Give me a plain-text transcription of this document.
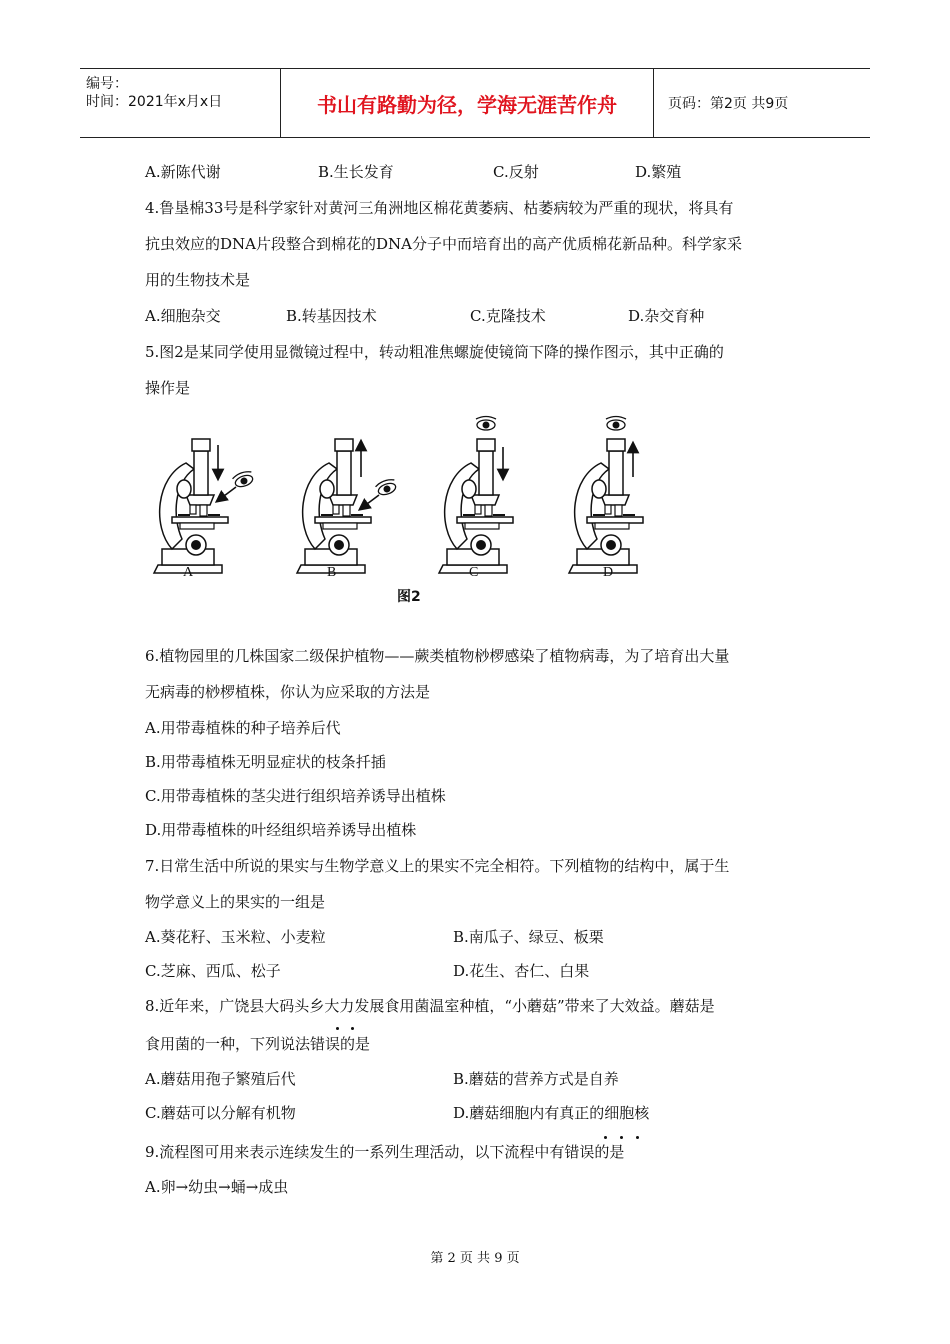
编号：
时间：2021年x月x日	书山有路勤为径，学海无涯苦作舟	页码：第2页 共9页
A.新陈代谢	B.生长发育	C.反射	D.繁殖
4.鲁垦棉33号是科学家针对黄河三角洲地区棉花黄萎病、枯萎病较为严重的现状，将具有
抗虫效应的DNA片段整合到棉花的DNA分子中而培育出的高产优质棉花新品种。科学家采
用的生物技术是
A.细胞杂交	B.转基因技术	C.克隆技术	D.杂交育种
5.图2是某同学使用显微镜过程中，转动粗准焦螺旋使镜筒下降的操作图示，其中正确的
操作是
A	B	C	D
图2
6.植物园里的几株国家二级保护植物——蕨类植物桫椤感染了植物病毒，为了培育出大量
无病毒的桫椤植株，你认为应采取的方法是
A.用带毒植株的种子培养后代
B.用带毒植株无明显症状的枝条扦插
C.用带毒植株的茎尖进行组织培养诱导出植株
D.用带毒植株的叶经组织培养诱导出植株
7.日常生活中所说的果实与生物学意义上的果实不完全相符。下列植物的结构中，属于生
物学意义上的果实的一组是
A.葵花籽、玉米粒、小麦粒	B.南瓜子、绿豆、板栗
C.芝麻、西瓜、松子	D.花生、杏仁、白果
8.近年来，广饶县大码头乡大力发展食用菌温室种植，“小蘑菇”带来了大效益。蘑菇是
食用菌的一种，下列说法错误的是
A.蘑菇用孢子繁殖后代	B.蘑菇的营养方式是自养
C.蘑菇可以分解有机物	D.蘑菇细胞内有真正的细胞核
9.流程图可用来表示连续发生的一系列生理活动，以下流程中有错误的是
A.卵→幼虫→蛹→成虫
第 2 页 共 9 页
